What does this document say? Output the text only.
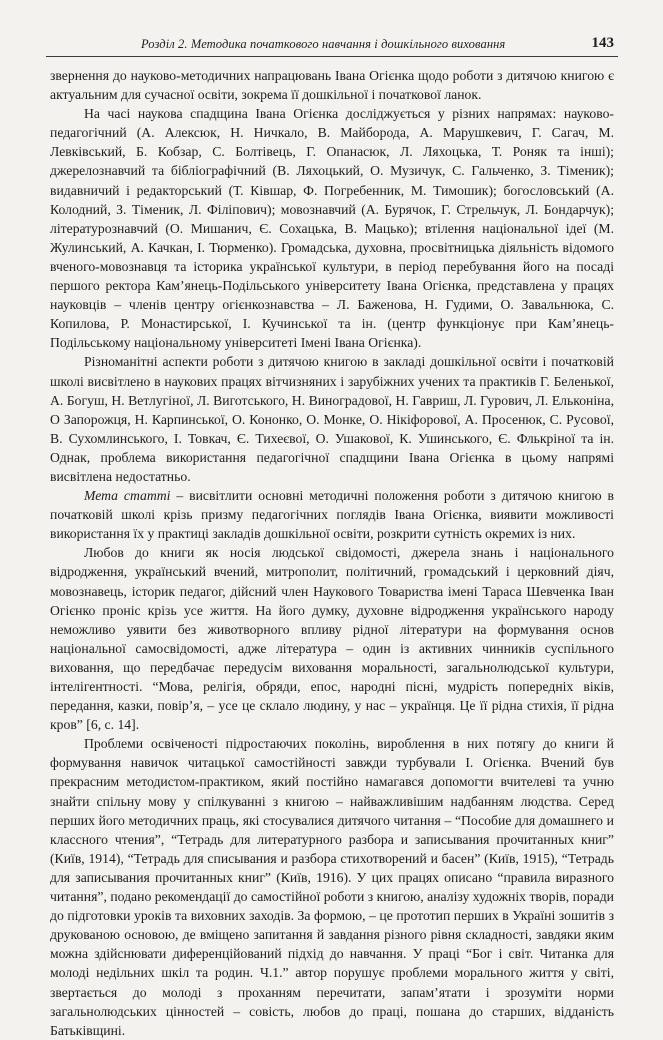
Розділ 2. Методика початкового навчання і дошкільного виховання	143

звернення до науково-методичних напрацювань Івана Огієнка щодо роботи з дитячою книгою є актуальним для сучасної освіти, зокрема її дошкільної і початкової ланок.

На часі наукова спадщина Івана Огієнка досліджується у різних напрямах: науково-педагогічний (А. Алексюк, Н. Ничкало, В. Майборода, А. Марушкевич, Г. Сагач, М. Левківський, Б. Кобзар, С. Болтівець, Г. Опанасюк, Л. Ляхоцька, Т. Роняк та інші); джерелознавчий та бібліографічний (В. Ляхоцький, О. Музичук, С. Гальченко, З. Тіменик); видавничий і редакторський (Т. Ківшар, Ф. Погребенник, М. Тимошик); богословський (А. Колодний, З. Тіменик, Л. Філіпович); мовознавчий (А. Бурячок, Г. Стрельчук, Л. Бондарчук); літературознавчий (О. Мишанич, Є. Сохацька, В. Мацько); втілення національної ідеї (М. Жулинський, А. Качкан, І. Тюрменко). Громадська, духовна, просвітницька діяльність відомого вченого-мовознавця та історика української культури, в період перебування його на посаді першого ректора Кам’янець-Подільського університету Івана Огієнка, представлена у працях науковців – членів центру огієнкознавства – Л. Баженова, Н. Гудими, О. Завальнюка, С. Копилова, Р. Монастирської, І. Кучинської та ін. (центр функціонує при Кам’янець-Подільському національному університеті Імені Івана Огієнка).

Різноманітні аспекти роботи з дитячою книгою в закладі дошкільної освіти і початковій школі висвітлено в наукових працях вітчизняних і зарубіжних учених та практиків Г. Беленької, А. Богуш, Н. Ветлугіної, Л. Виготського, Н. Виноградової, Н. Гавриш, Л. Гурович, Л. Ельконіна, О Запорожця, Н. Карпинської, О. Кононко, О. Монке, О. Нікіфорової, А. Просенюк, С. Русової, В. Сухомлинського, І. Товкач, Є. Тихеєвої, О. Ушакової, К. Ушинського, Є. Флькріної та ін. Однак, проблема використання педагогічної спадщини Івана Огієнка в цьому напрямі висвітлена недостатньо.

Мета статті – висвітлити основні методичні положення роботи з дитячою книгою в початковій школі крізь призму педагогічних поглядів Івана Огієнка, виявити можливості використання їх у практиці закладів дошкільної освіти, розкрити сутність окремих із них.

Любов до книги як носія людської свідомості, джерела знань і національного відродження, український вчений, митрополит, політичний, громадський і церковний діяч, мовознавець, історик педагог, дійсний член Наукового Товариства імені Тараса Шевченка Іван Огієнко проніс крізь усе життя. На його думку, духовне відродження українського народу неможливо уявити без животворного впливу рідної літератури на формування основ національної самосвідомості, адже література – один із активних чинників суспільного виховання, що передбачає передусім виховання моральності, загальнолюдської культури, інтелігентності. “Мова, релігія, обряди, епос, народні пісні, мудрість попередніх віків, передання, казки, повір’я, – усе це склало людину, у нас – українця. Це її рідна стихія, її рідна кров” [6, с. 14].

Проблеми освіченості підростаючих поколінь, вироблення в них потягу до книги й формування навичок читацької самостійності завжди турбували І. Огієнка. Вчений був прекрасним методистом-практиком, який постійно намагався допомогти вчителеві та учню знайти спільну мову у спілкуванні з книгою – найважливішим надбанням людства. Серед перших його методичних праць, які стосувалися дитячого читання – “Пособие для домашнего и классного чтения”, “Тетрадь для литературного разбора и записывания прочитанных книг” (Київ, 1914), “Тетрадь для списывания и разбора стихотворений и басен” (Київ, 1915), “Тетрадь для записывания прочитанных книг” (Київ, 1916). У цих працях описано “правила виразного читання”, подано рекомендації до самостійної роботи з книгою, аналізу художніх творів, поради до підготовки уроків та виховних заходів. За формою, – це прототип перших в Україні зошитів з друкованою основою, де вміщено запитання й завдання різного рівня складності, завдяки яким можна здійснювати диференційований підхід до навчання. У праці “Бог і світ. Читанка для молоді недільних шкіл та родин. Ч.1.” автор порушує проблеми морального життя у світі, звертається до молоді з проханням перечитати, запам’ятати і зрозуміти норми загальнолюдських цінностей – совість, любов до праці, пошана до старших, відданість Батьківщині.
